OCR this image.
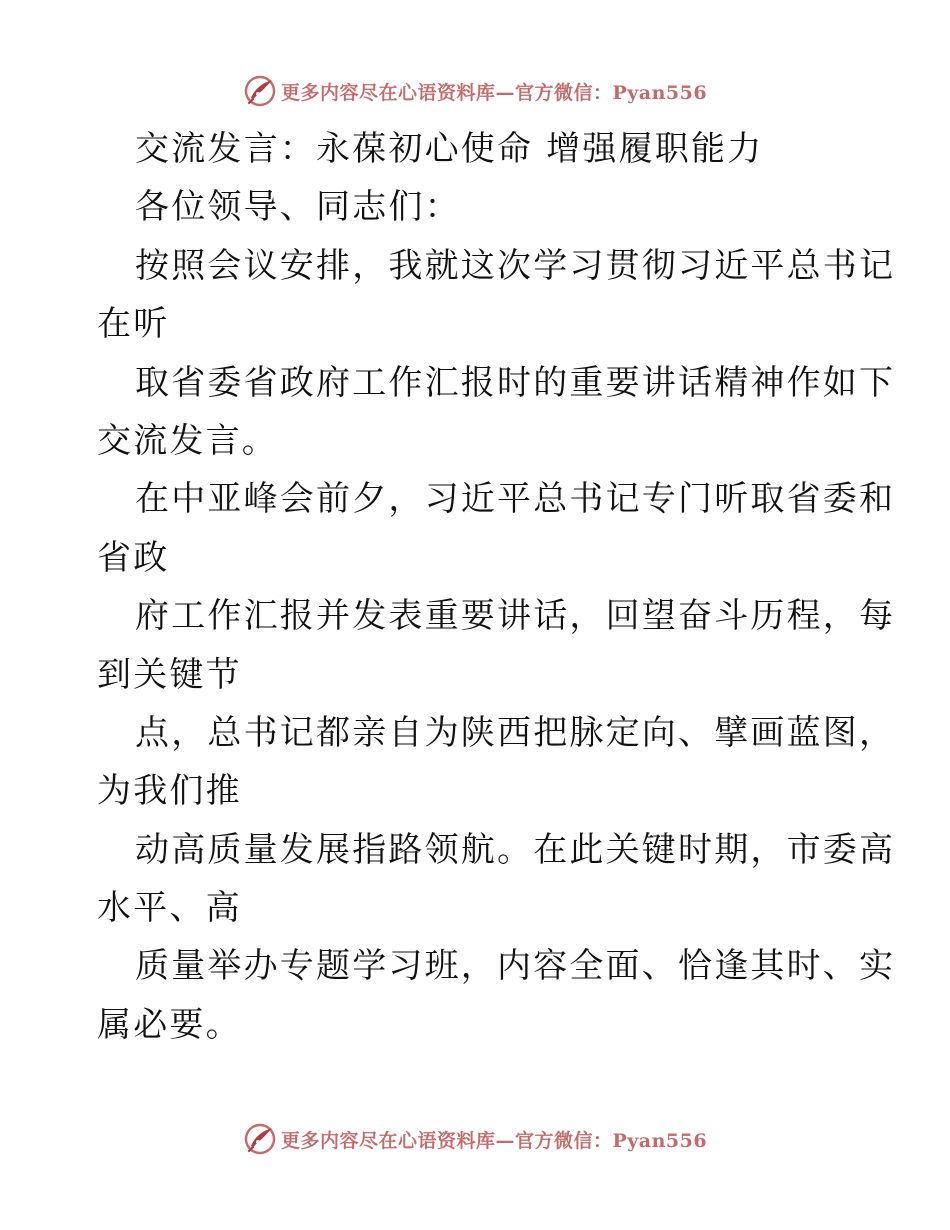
更多内容尽在心语资料库—官方微信：Pyan556
交流发言：永葆初心使命 增强履职能力
各位领导、同志们：
按照会议安排，我就这次学习贯彻习近平总书记
在听
取省委省政府工作汇报时的重要讲话精神作如下
交流发言。
在中亚峰会前夕，习近平总书记专门听取省委和
省政
府工作汇报并发表重要讲话，回望奋斗历程，每
到关键节
点，总书记都亲自为陕西把脉定向、擘画蓝图，
为我们推
动高质量发展指路领航。在此关键时期，市委高
水平、高
质量举办专题学习班，内容全面、恰逢其时、实
属必要。
更多内容尽在心语资料库—官方微信：Pyan556
